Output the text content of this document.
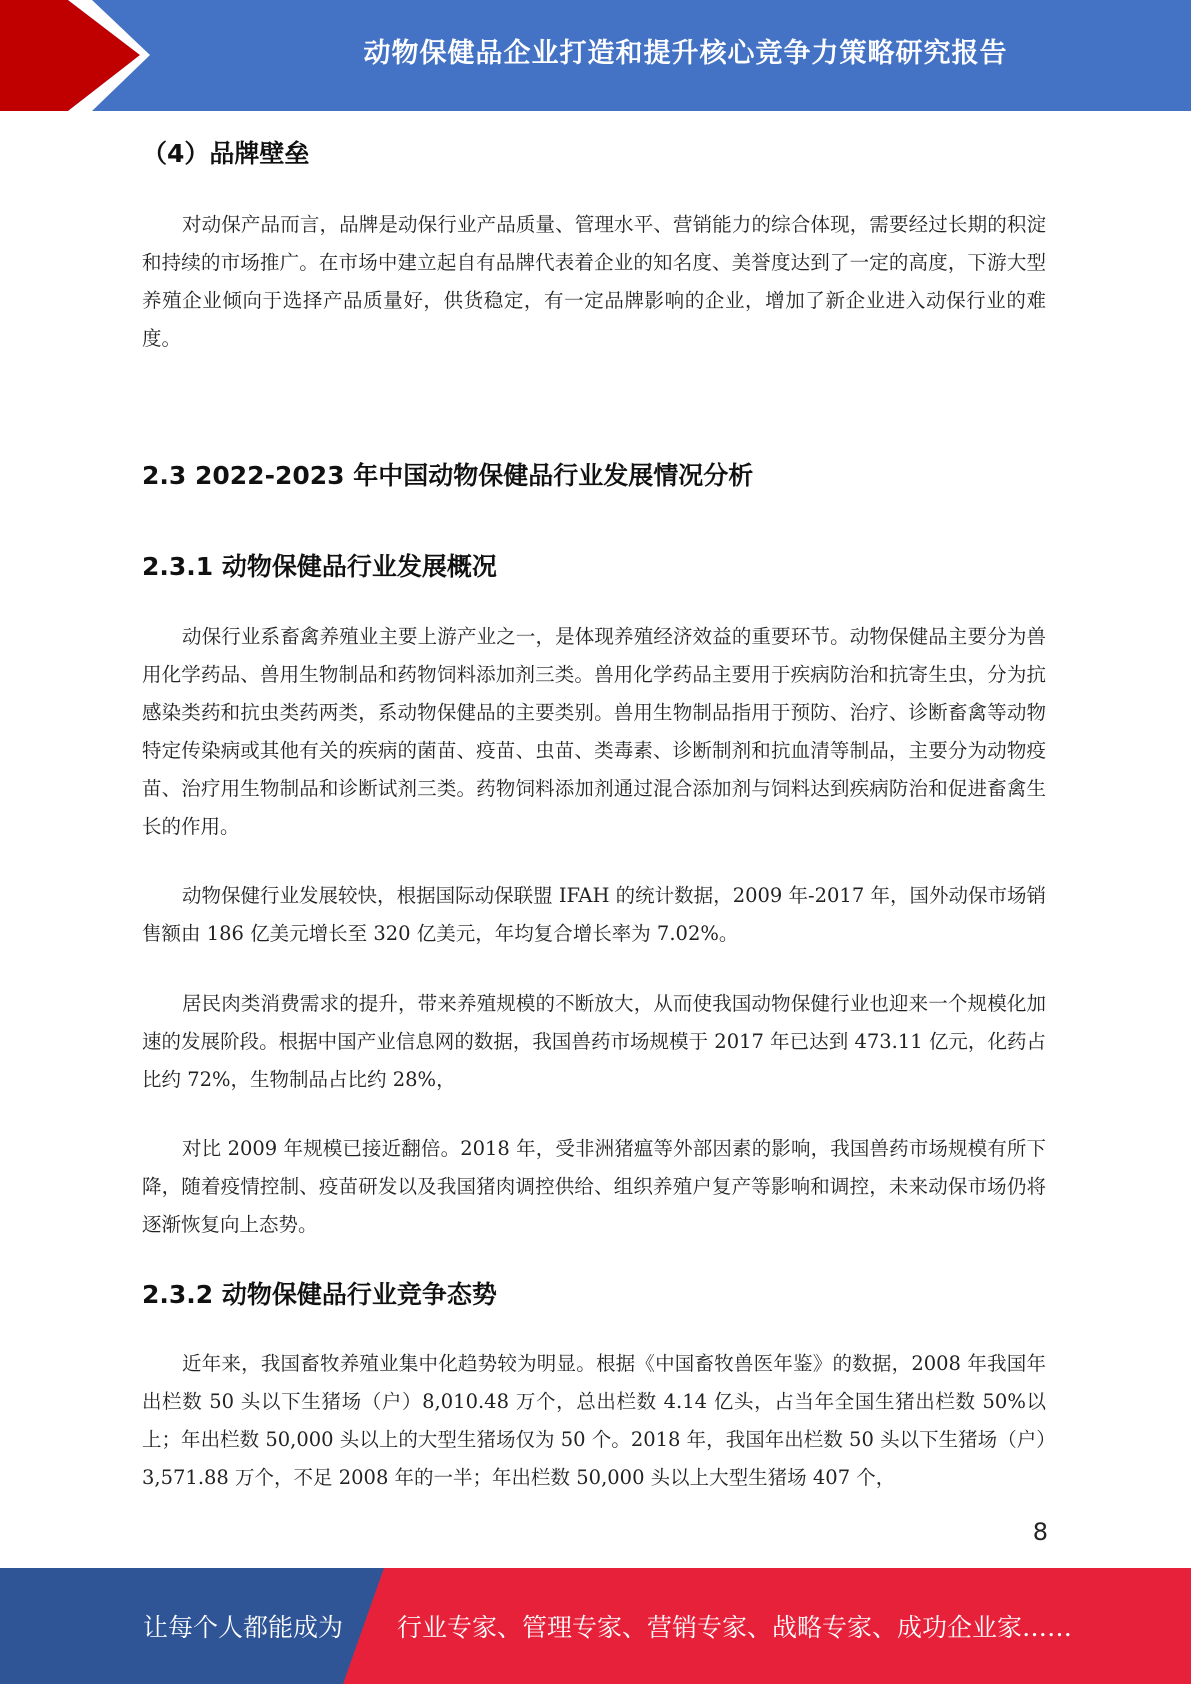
动物保健品企业打造和提升核心竞争力策略研究报告
（4）品牌壁垒

对动保产品而言，品牌是动保行业产品质量、管理水平、营销能力的综合体现，需要经过长期的积淀和持续的市场推广。在市场中建立起自有品牌代表着企业的知名度、美誉度达到了一定的高度，下游大型养殖企业倾向于选择产品质量好，供货稳定，有一定品牌影响的企业，增加了新企业进入动保行业的难度。

2.3 2022-2023 年中国动物保健品行业发展情况分析
2.3.1 动物保健品行业发展概况

动保行业系畜禽养殖业主要上游产业之一，是体现养殖经济效益的重要环节。动物保健品主要分为兽用化学药品、兽用生物制品和药物饲料添加剂三类。兽用化学药品主要用于疾病防治和抗寄生虫，分为抗感染类药和抗虫类药两类，系动物保健品的主要类别。兽用生物制品指用于预防、治疗、诊断畜禽等动物特定传染病或其他有关的疾病的菌苗、疫苗、虫苗、类毒素、诊断制剂和抗血清等制品，主要分为动物疫苗、治疗用生物制品和诊断试剂三类。药物饲料添加剂通过混合添加剂与饲料达到疾病防治和促进畜禽生长的作用。

动物保健行业发展较快，根据国际动保联盟 IFAH 的统计数据，2009 年-2017 年，国外动保市场销售额由 186 亿美元增长至 320 亿美元，年均复合增长率为 7.02%。

居民肉类消费需求的提升，带来养殖规模的不断放大，从而使我国动物保健行业也迎来一个规模化加速的发展阶段。根据中国产业信息网的数据，我国兽药市场规模于 2017 年已达到 473.11 亿元，化药占比约 72%，生物制品占比约 28%，

对比 2009 年规模已接近翻倍。2018 年，受非洲猪瘟等外部因素的影响，我国兽药市场规模有所下降，随着疫情控制、疫苗研发以及我国猪肉调控供给、组织养殖户复产等影响和调控，未来动保市场仍将逐渐恢复向上态势。

2.3.2 动物保健品行业竞争态势

近年来，我国畜牧养殖业集中化趋势较为明显。根据《中国畜牧兽医年鉴》的数据，2008 年我国年出栏数 50 头以下生猪场（户）8,010.48 万个，总出栏数 4.14 亿头，占当年全国生猪出栏数 50%以上；年出栏数 50,000 头以上的大型生猪场仅为 50 个。2018 年，我国年出栏数 50 头以下生猪场（户）3,571.88 万个，不足 2008 年的一半；年出栏数 50,000 头以上大型生猪场 407 个，

8
让每个人都能成为 行业专家、管理专家、营销专家、战略专家、成功企业家……
